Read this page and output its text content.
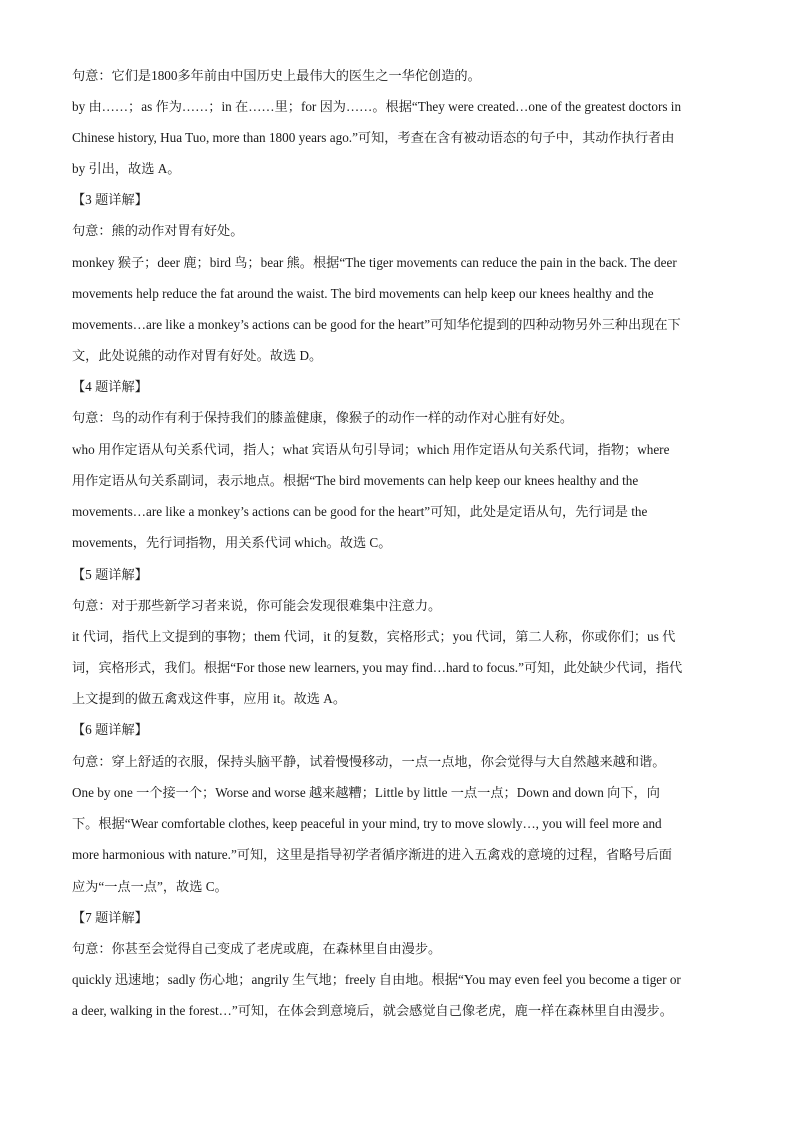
句意：它们是1800多年前由中国历史上最伟大的医生之一华佗创造的。
by 由……；as 作为……；in 在……里；for 因为……。根据“They were created…one of the greatest doctors in
Chinese history, Hua Tuo, more than 1800 years ago.”可知，考查在含有被动语态的句子中，其动作执行者由
by 引出，故选 A。
【3 题详解】
句意：熊的动作对胃有好处。
monkey 猴子；deer 鹿；bird 鸟；bear 熊。根据“The tiger movements can reduce the pain in the back. The deer
movements help reduce the fat around the waist. The bird movements can help keep our knees healthy and the
movements…are like a monkey’s actions can be good for the heart”可知华佗提到的四种动物另外三种出现在下
文，此处说熊的动作对胃有好处。故选 D。
【4 题详解】
句意：鸟的动作有利于保持我们的膝盖健康，像猴子的动作一样的动作对心脏有好处。
who 用作定语从句关系代词，指人；what 宾语从句引导词；which 用作定语从句关系代词，指物；where
用作定语从句关系副词，表示地点。根据“The bird movements can help keep our knees healthy and the
movements…are like a monkey’s actions can be good for the heart”可知，此处是定语从句，先行词是 the
movements，先行词指物，用关系代词 which。故选 C。
【5 题详解】
句意：对于那些新学习者来说，你可能会发现很难集中注意力。
it 代词，指代上文提到的事物；them 代词，it 的复数，宾格形式；you 代词，第二人称，你或你们；us 代
词，宾格形式，我们。根据“For those new learners, you may find…hard to focus.”可知，此处缺少代词，指代
上文提到的做五禽戏这件事，应用 it。故选 A。
【6 题详解】
句意：穿上舒适的衣服，保持头脑平静，试着慢慢移动，一点一点地，你会觉得与大自然越来越和谐。
One by one 一个接一个；Worse and worse 越来越糟；Little by little 一点一点；Down and down 向下，向
下。根据“Wear comfortable clothes, keep peaceful in your mind, try to move slowly…, you will feel more and
more harmonious with nature.”可知，这里是指导初学者循序渐进的进入五禽戏的意境的过程，省略号后面
应为“一点一点”，故选 C。
【7 题详解】
句意：你甚至会觉得自己变成了老虎或鹿，在森林里自由漫步。
quickly 迅速地；sadly 伤心地；angrily 生气地；freely 自由地。根据“You may even feel you become a tiger or
a deer, walking in the forest…”可知，在体会到意境后，就会感觉自己像老虎，鹿一样在森林里自由漫步。
